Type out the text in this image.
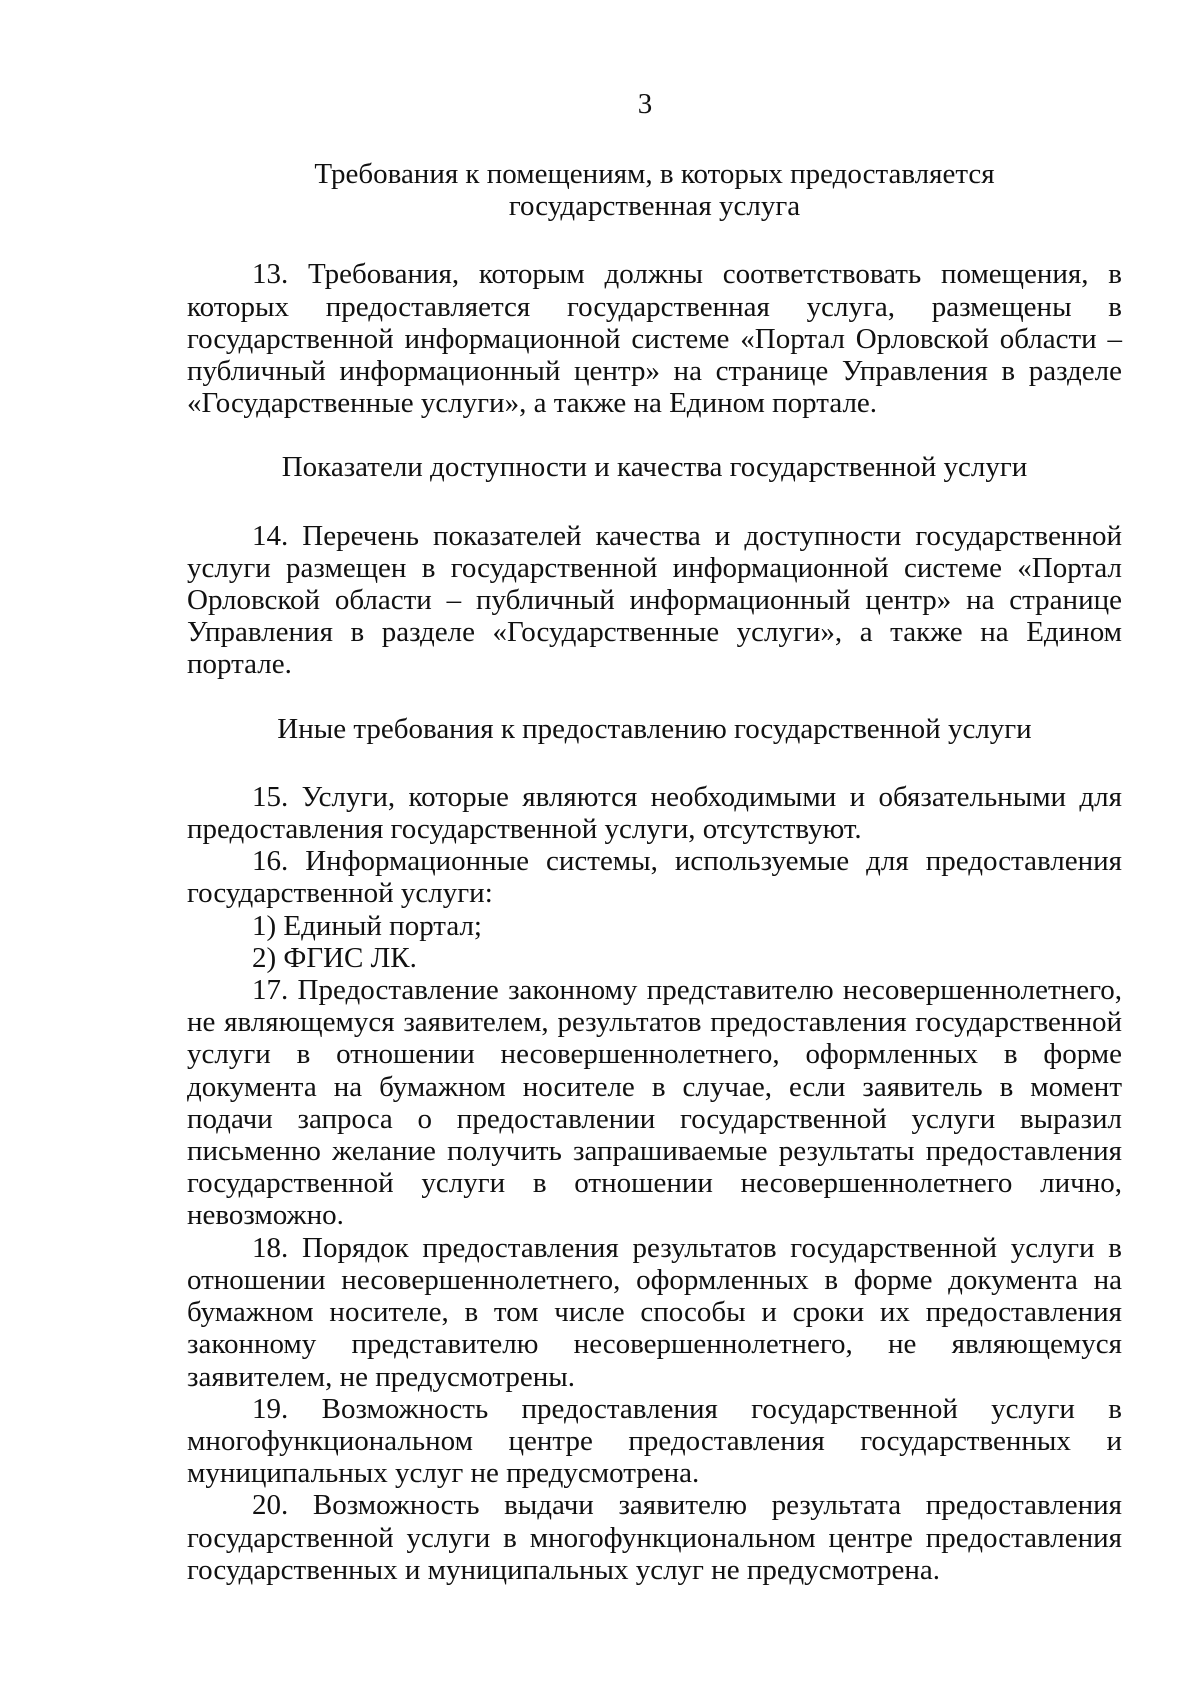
3
Требования к помещениям, в которых предоставляется
государственная услуга

13. Требования, которым должны соответствовать помещения, в которых предоставляется государственная услуга, размещены в государственной информационной системе «Портал Орловской области – публичный информационный центр» на странице Управления в разделе «Государственные услуги», а также на Едином портале.

Показатели доступности и качества государственной услуги

14. Перечень показателей качества и доступности государственной услуги размещен в государственной информационной системе «Портал Орловской области – публичный информационный центр» на странице Управления в разделе «Государственные услуги», а также на Едином портале.

Иные требования к предоставлению государственной услуги

15. Услуги, которые являются необходимыми и обязательными для предоставления государственной услуги, отсутствуют.

16. Информационные системы, используемые для предоставления государственной услуги:

1) Единый портал;

2) ФГИС ЛК.

17. Предоставление законному представителю несовершеннолетнего, не являющемуся заявителем, результатов предоставления государственной услуги в отношении несовершеннолетнего, оформленных в форме документа на бумажном носителе в случае, если заявитель в момент подачи запроса о предоставлении государственной услуги выразил письменно желание получить запрашиваемые результаты предоставления государственной услуги в отношении несовершеннолетнего лично, невозможно.

18. Порядок предоставления результатов государственной услуги в отношении несовершеннолетнего, оформленных в форме документа на бумажном носителе, в том числе способы и сроки их предоставления законному представителю несовершеннолетнего, не являющемуся заявителем, не предусмотрены.

19. Возможность предоставления государственной услуги в многофункциональном центре предоставления государственных и муниципальных услуг не предусмотрена.

20. Возможность выдачи заявителю результата предоставления государственной услуги в многофункциональном центре предоставления государственных и муниципальных услуг не предусмотрена.
